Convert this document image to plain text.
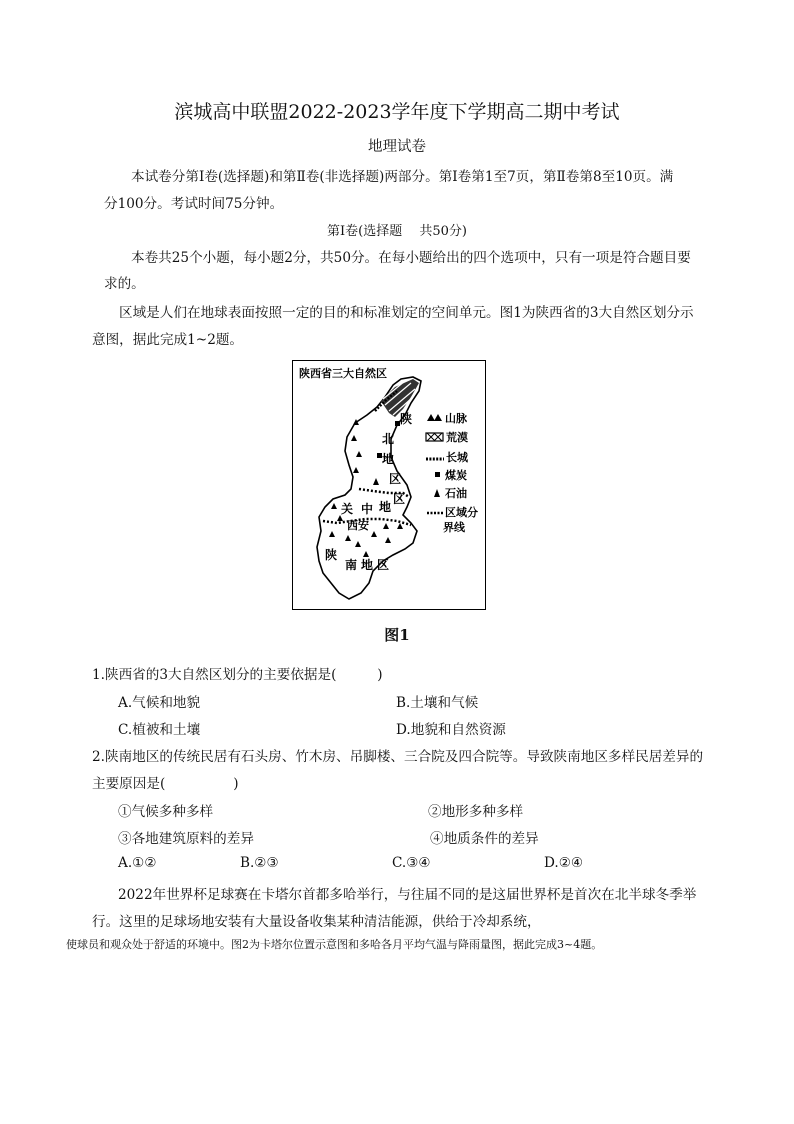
滨城高中联盟2022-2023学年度下学期高二期中考试
地理试卷
本试卷分第Ⅰ卷(选择题)和第Ⅱ卷(非选择题)两部分。第Ⅰ卷第1至7页，第Ⅱ卷第8至10页。满
分100分。考试时间75分钟。
第Ⅰ卷(选择题　 共50分)
本卷共25个小题，每小题2分，共50分。在每小题给出的四个选项中，只有一项是符合题目要
求的。
区域是人们在地球表面按照一定的目的和标准划定的空间单元。图1为陕西省的3大自然区划分示
意图，据此完成1~2题。
陕西省三大自然区
陕
北
地
区
关 中 地
区
西安
陕
南 地 区
山脉
荒漠
长城
煤炭
石油
区域分
界线
图1
1.陕西省的3大自然区划分的主要依据是(　　　)
A.气候和地貌	B.土壤和气候
C.植被和土壤	D.地貌和自然资源
2.陕南地区的传统民居有石头房、竹木房、吊脚楼、三合院及四合院等。导致陕南地区多样民居差异的
主要原因是(　　　　　)
①气候多种多样	②地形多种多样
③各地建筑原料的差异	④地质条件的差异
A.①②	B.②③	C.③④	D.②④
2022年世界杯足球赛在卡塔尔首都多哈举行，与往届不同的是这届世界杯是首次在北半球冬季举
行。这里的足球场地安装有大量设备收集某种清洁能源，供给于冷却系统，
使球员和观众处于舒适的环境中。图2为卡塔尔位置示意图和多哈各月平均气温与降雨量图，据此完成3~4题。
